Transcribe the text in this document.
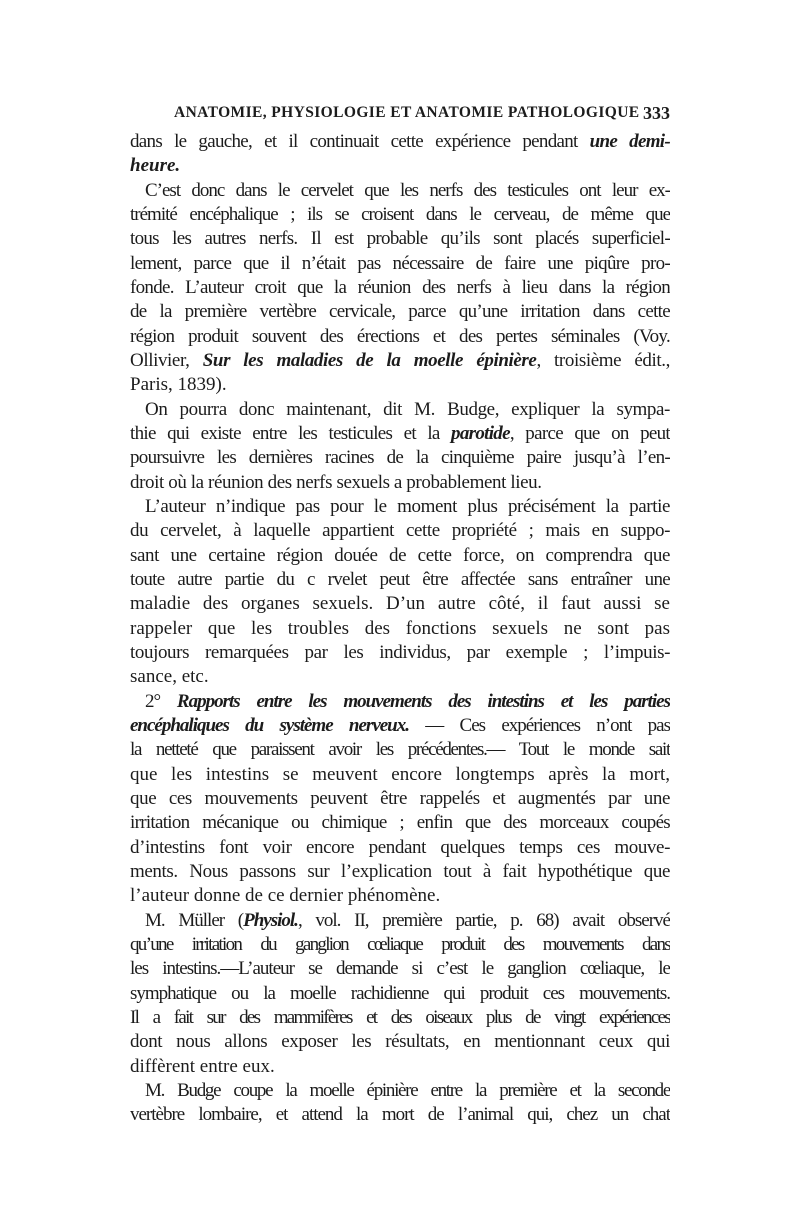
ANATOMIE, PHYSIOLOGIE ET ANATOMIE PATHOLOGIQUE 333
dans le gauche, et il continuait cette expérience pendant une demi-
heure.
C’est donc dans le cervelet que les nerfs des testicules ont leur ex-
trémité encéphalique ; ils se croisent dans le cerveau, de même que
tous les autres nerfs. Il est probable qu’ils sont placés superficiel-
lement, parce que il n’était pas nécessaire de faire une piqûre pro-
fonde. L’auteur croit que la réunion des nerfs à lieu dans la région
de la première vertèbre cervicale, parce qu’une irritation dans cette
région produit souvent des érections et des pertes séminales (Voy.
Ollivier, Sur les maladies de la moelle épinière, troisième édit.,
Paris, 1839).
On pourra donc maintenant, dit M. Budge, expliquer la sympa-
thie qui existe entre les testicules et la parotide, parce que on peut
poursuivre les dernières racines de la cinquième paire jusqu’à l’en-
droit où la réunion des nerfs sexuels a probablement lieu.
L’auteur n’indique pas pour le moment plus précisément la partie
du cervelet, à laquelle appartient cette propriété ; mais en suppo-
sant une certaine région douée de cette force, on comprendra que
toute autre partie du c rvelet peut être affectée sans entraîner une
maladie des organes sexuels. D’un autre côté, il faut aussi se
rappeler que les troubles des fonctions sexuels ne sont pas
toujours remarquées par les individus, par exemple ; l’impuis-
sance, etc.
2° Rapports entre les mouvements des intestins et les parties
encéphaliques du système nerveux. — Ces expériences n’ont pas
la netteté que paraissent avoir les précédentes.— Tout le monde sait
que les intestins se meuvent encore longtemps après la mort,
que ces mouvements peuvent être rappelés et augmentés par une
irritation mécanique ou chimique ; enfin que des morceaux coupés
d’intestins font voir encore pendant quelques temps ces mouve-
ments. Nous passons sur l’explication tout à fait hypothétique que
l’auteur donne de ce dernier phénomène.
M. Müller (Physiol., vol. II, première partie, p. 68) avait observé
qu’une irritation du ganglion cœliaque produit des mouvements dans
les intestins.—L’auteur se demande si c’est le ganglion cœliaque, le
symphatique ou la moelle rachidienne qui produit ces mouvements.
Il a fait sur des mammifères et des oiseaux plus de vingt expériences
dont nous allons exposer les résultats, en mentionnant ceux qui
diffèrent entre eux.
M. Budge coupe la moelle épinière entre la première et la seconde
vertèbre lombaire, et attend la mort de l’animal qui, chez un chat
